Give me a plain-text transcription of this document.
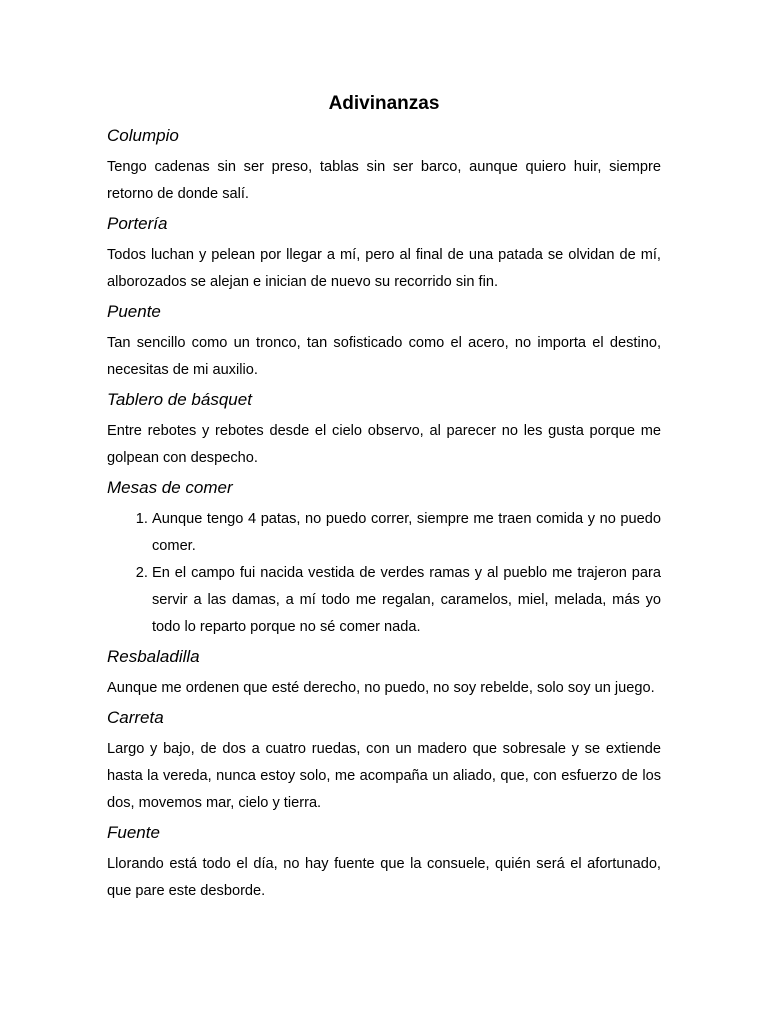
Adivinanzas
Columpio

Tengo cadenas sin ser preso, tablas sin ser barco, aunque quiero huir, siempre retorno de donde salí.

Portería

Todos luchan y pelean por llegar a mí, pero al final de una patada se olvidan de mí, alborozados se alejan e inician de nuevo su recorrido sin fin.

Puente

Tan sencillo como un tronco, tan sofisticado como el acero, no importa el destino, necesitas de mi auxilio.

Tablero de básquet

Entre rebotes y rebotes desde el cielo observo, al parecer no les gusta porque me golpean con despecho.

Mesas de comer
1. Aunque tengo 4 patas, no puedo correr, siempre me traen comida y no puedo comer.
2. En el campo fui nacida vestida de verdes ramas y al pueblo me trajeron para servir a las damas, a mí todo me regalan, caramelos, miel, melada, más yo todo lo reparto porque no sé comer nada.
Resbaladilla

Aunque me ordenen que esté derecho, no puedo, no soy rebelde, solo soy un juego.

Carreta

Largo y bajo, de dos a cuatro ruedas, con un madero que sobresale y se extiende hasta la vereda, nunca estoy solo, me acompaña un aliado, que, con esfuerzo de los dos, movemos mar, cielo y tierra.

Fuente

Llorando está todo el día, no hay fuente que la consuele, quién será el afortunado, que pare este desborde.
